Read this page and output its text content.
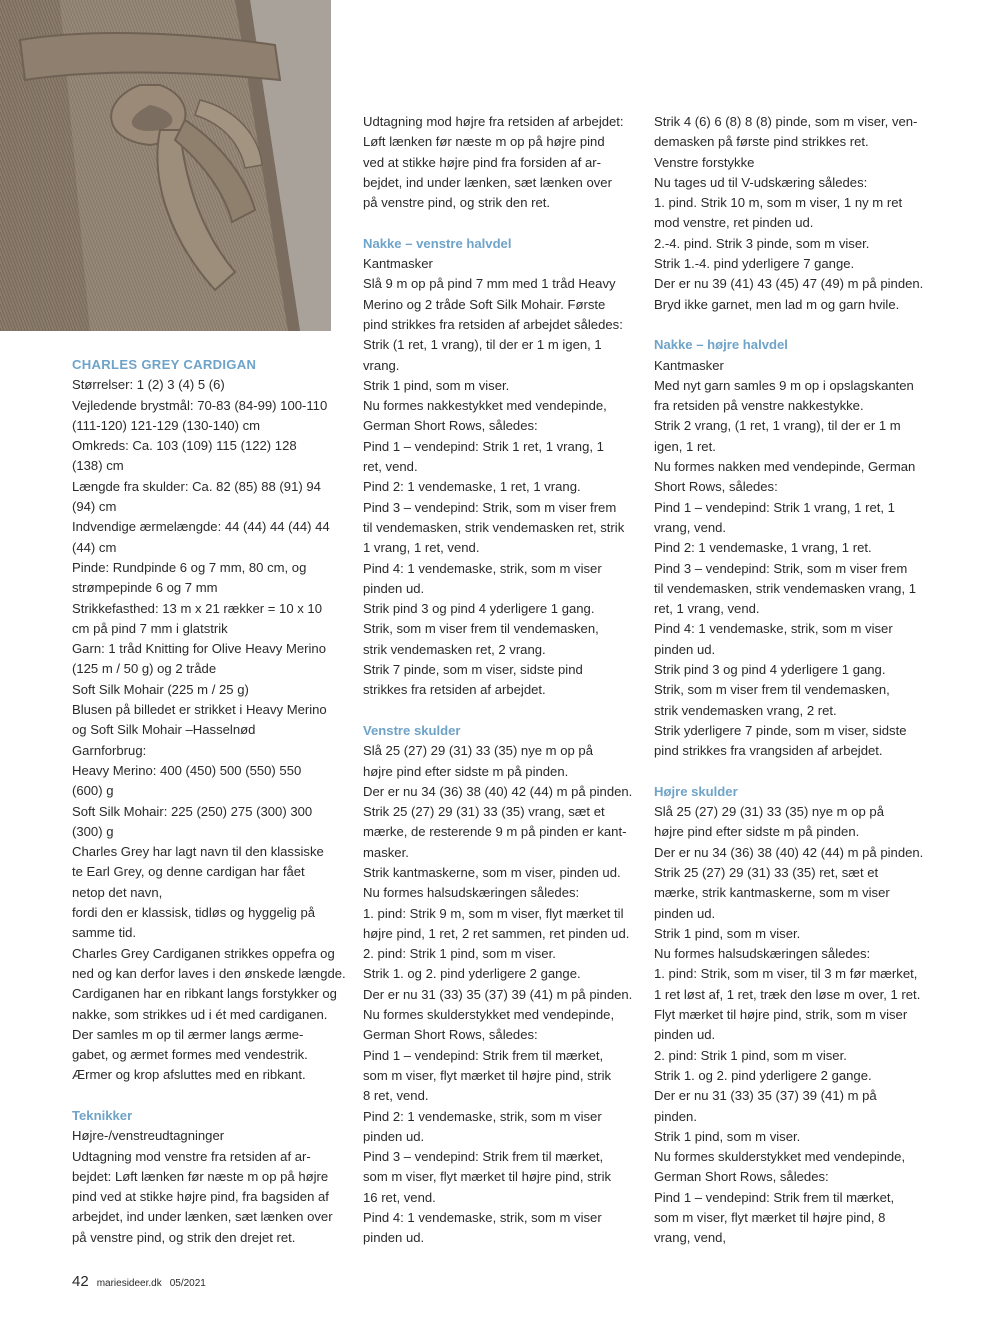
CHARLES GREY CARDIGAN

Størrelser: 1 (2) 3 (4) 5 (6)

Vejledende brystmål: 70-83 (84-99) 100-110

(111-120) 121-129 (130-140) cm

Omkreds: Ca. 103 (109) 115 (122) 128

(138) cm

Længde fra skulder: Ca. 82 (85) 88 (91) 94

(94) cm

Indvendige ærmelængde: 44 (44) 44 (44) 44

(44) cm

Pinde: Rundpinde 6 og 7 mm, 80 cm, og

strømpepinde 6 og 7 mm

Strikkefasthed: 13 m x 21 rækker = 10 x 10

cm på pind 7 mm i glatstrik

Garn: 1 tråd Knitting for Olive Heavy Merino

(125 m / 50 g) og 2 tråde

Soft Silk Mohair (225 m / 25 g)

Blusen på billedet er strikket i Heavy Merino

og Soft Silk Mohair –Hasselnød

Garnforbrug:

Heavy Merino: 400 (450) 500 (550) 550

(600) g

Soft Silk Mohair: 225 (250) 275 (300) 300

(300) g

Charles Grey har lagt navn til den klassiske

te Earl Grey, og denne cardigan har fået

netop det navn,

fordi den er klassisk, tidløs og hyggelig på

samme tid.

Charles Grey Cardiganen strikkes oppefra og

ned og kan derfor laves i den ønskede længde.

Cardiganen har en ribkant langs forstykker og

nakke, som strikkes ud i ét med cardiganen.

Der samles m op til ærmer langs ærme-

gabet, og ærmet formes med vendestrik.

Ærmer og krop afsluttes med en ribkant.

Teknikker

Højre-/venstreudtagninger

Udtagning mod venstre fra retsiden af ar-

bejdet: Løft lænken før næste m op på højre

pind ved at stikke højre pind, fra bagsiden af

arbejdet, ind under lænken, sæt lænken over

på venstre pind, og strik den drejet ret.

Udtagning mod højre fra retsiden af arbejdet:

Løft lænken før næste m op på højre pind

ved at stikke højre pind fra forsiden af ar-

bejdet, ind under lænken, sæt lænken over

på venstre pind, og strik den ret.

Nakke – venstre halvdel

Kantmasker

Slå 9 m op på pind 7 mm med 1 tråd Heavy

Merino og 2 tråde Soft Silk Mohair. Første

pind strikkes fra retsiden af arbejdet således:

Strik (1 ret, 1 vrang), til der er 1 m igen, 1

vrang.

Strik 1 pind, som m viser.

Nu formes nakkestykket med vendepinde,

German Short Rows, således:

Pind 1 – vendepind: Strik 1 ret, 1 vrang, 1

ret, vend.

Pind 2: 1 vendemaske, 1 ret, 1 vrang.

Pind 3 – vendepind: Strik, som m viser frem

til vendemasken, strik vendemasken ret, strik

1 vrang, 1 ret, vend.

Pind 4: 1 vendemaske, strik, som m viser

pinden ud.

Strik pind 3 og pind 4 yderligere 1 gang.

Strik, som m viser frem til vendemasken,

strik vendemasken ret, 2 vrang.

Strik 7 pinde, som m viser, sidste pind

strikkes fra retsiden af arbejdet.

Venstre skulder

Slå 25 (27) 29 (31) 33 (35) nye m op på

højre pind efter sidste m på pinden.

Der er nu 34 (36) 38 (40) 42 (44) m på pinden.

Strik 25 (27) 29 (31) 33 (35) vrang, sæt et

mærke, de resterende 9 m på pinden er kant-

masker.

Strik kantmaskerne, som m viser, pinden ud.

Nu formes halsudskæringen således:

1. pind: Strik 9 m, som m viser, flyt mærket til

højre pind, 1 ret, 2 ret sammen, ret pinden ud.

2. pind: Strik 1 pind, som m viser.

Strik 1. og 2. pind yderligere 2 gange.

Der er nu 31 (33) 35 (37) 39 (41) m på pinden.

Nu formes skulderstykket med vendepinde,

German Short Rows, således:

Pind 1 – vendepind: Strik frem til mærket,

som m viser, flyt mærket til højre pind, strik

8 ret, vend.

Pind 2: 1 vendemaske, strik, som m viser

pinden ud.

Pind 3 – vendepind: Strik frem til mærket,

som m viser, flyt mærket til højre pind, strik

16 ret, vend.

Pind 4: 1 vendemaske, strik, som m viser

pinden ud.

Strik 4 (6) 6 (8) 8 (8) pinde, som m viser, ven-

demasken på første pind strikkes ret.

Venstre forstykke

Nu tages ud til V-udskæring således:

1. pind. Strik 10 m, som m viser, 1 ny m ret

mod venstre, ret pinden ud.

2.-4. pind. Strik 3 pinde, som m viser.

Strik 1.-4. pind yderligere 7 gange.

Der er nu 39 (41) 43 (45) 47 (49) m på pinden.

Bryd ikke garnet, men lad m og garn hvile.

Nakke – højre halvdel

Kantmasker

Med nyt garn samles 9 m op i opslagskanten

fra retsiden på venstre nakkestykke.

Strik 2 vrang, (1 ret, 1 vrang), til der er 1 m

igen, 1 ret.

Nu formes nakken med vendepinde, German

Short Rows, således:

Pind 1 – vendepind: Strik 1 vrang, 1 ret, 1

vrang, vend.

Pind 2: 1 vendemaske, 1 vrang, 1 ret.

Pind 3 – vendepind: Strik, som m viser frem

til vendemasken, strik vendemasken vrang, 1

ret, 1 vrang, vend.

Pind 4: 1 vendemaske, strik, som m viser

pinden ud.

Strik pind 3 og pind 4 yderligere 1 gang.

Strik, som m viser frem til vendemasken,

strik vendemasken vrang, 2 ret.

Strik yderligere 7 pinde, som m viser, sidste

pind strikkes fra vrangsiden af arbejdet.

Højre skulder

Slå 25 (27) 29 (31) 33 (35) nye m op på

højre pind efter sidste m på pinden.

Der er nu 34 (36) 38 (40) 42 (44) m på pinden.

Strik 25 (27) 29 (31) 33 (35) ret, sæt et

mærke, strik kantmaskerne, som m viser

pinden ud.

Strik 1 pind, som m viser.

Nu formes halsudskæringen således:

1. pind: Strik, som m viser, til 3 m før mærket,

1 ret løst af, 1 ret, træk den løse m over, 1 ret.

Flyt mærket til højre pind, strik, som m viser

pinden ud.

2. pind: Strik 1 pind, som m viser.

Strik 1. og 2. pind yderligere 2 gange.

Der er nu 31 (33) 35 (37) 39 (41) m på

pinden.

Strik 1 pind, som m viser.

Nu formes skulderstykket med vendepinde,

German Short Rows, således:

Pind 1 – vendepind: Strik frem til mærket,

som m viser, flyt mærket til højre pind, 8

vrang, vend,

42 mariesideer.dk 05/2021
